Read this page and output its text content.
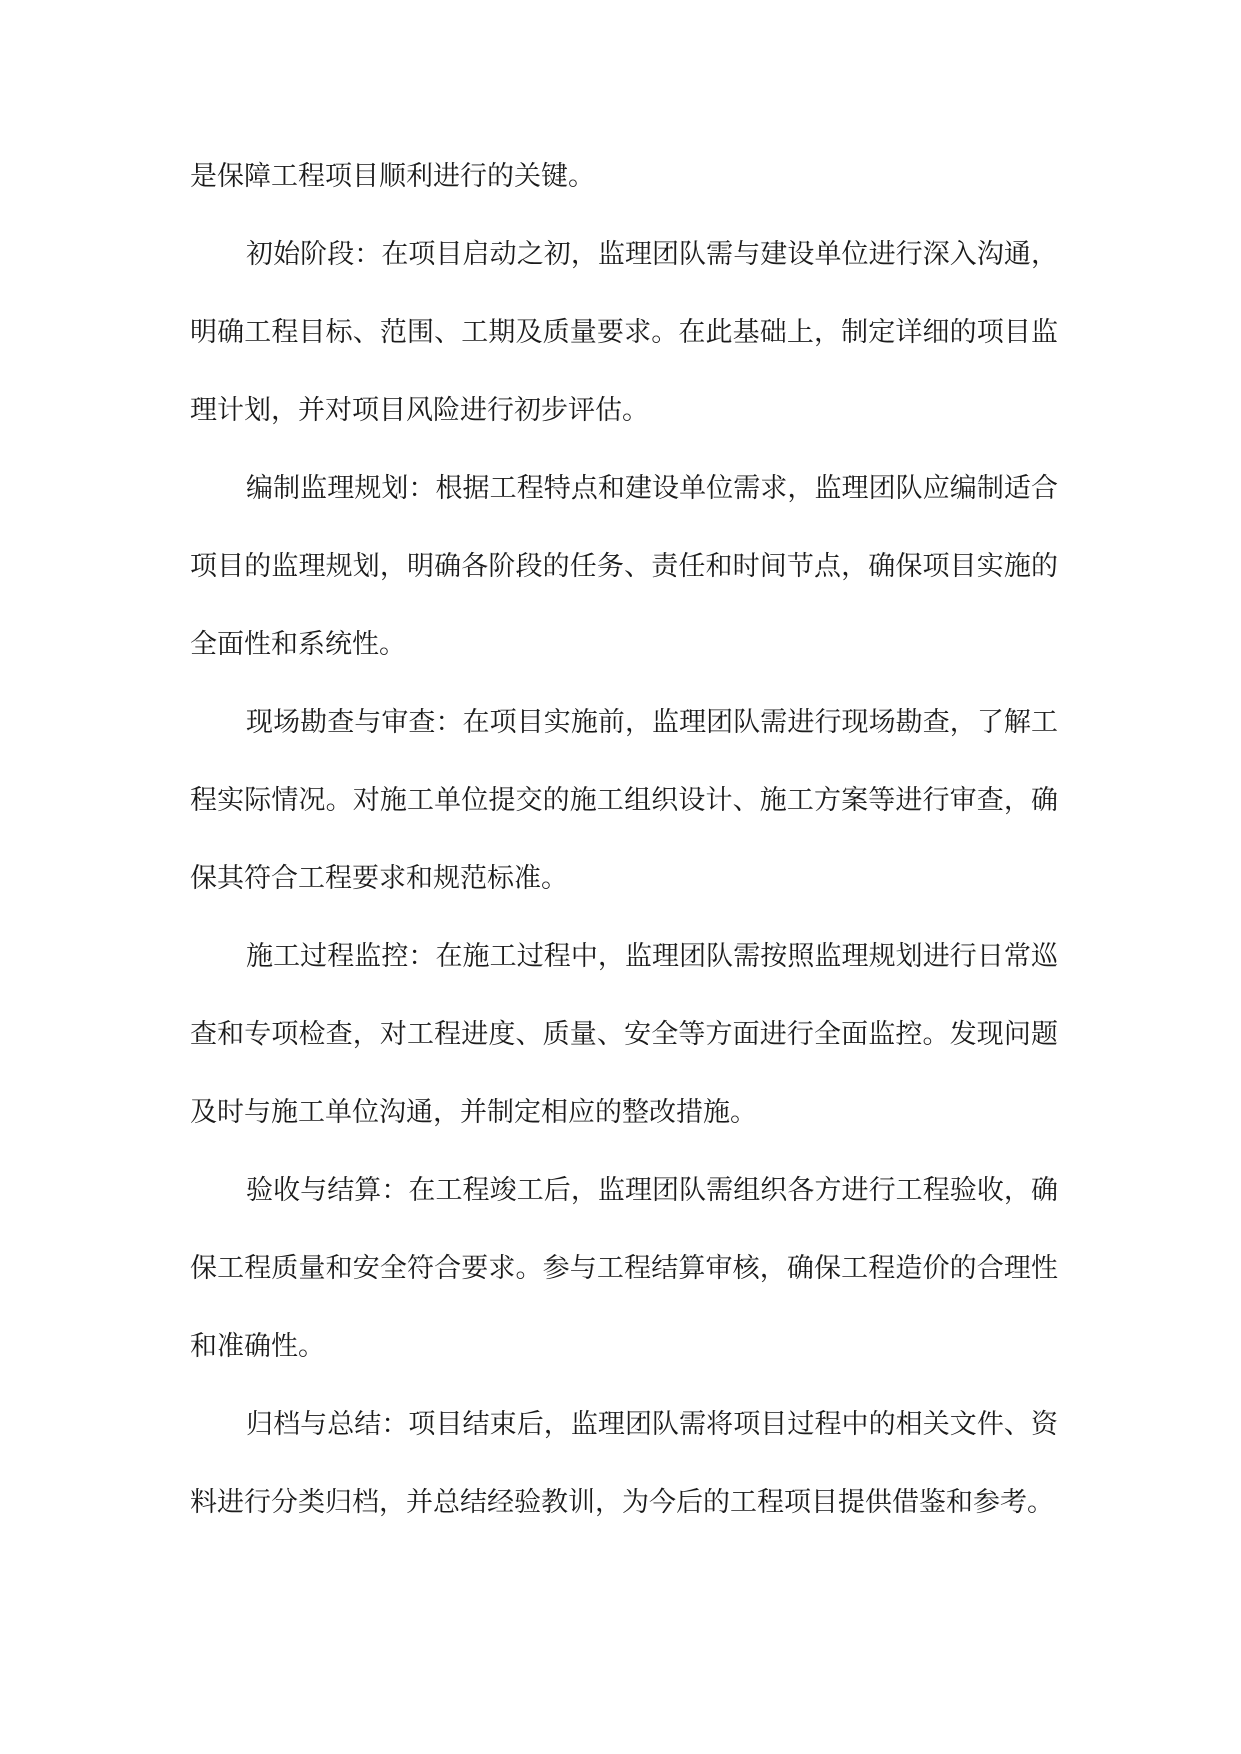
是保障工程项目顺利进行的关键。

初始阶段：在项目启动之初，监理团队需与建设单位进行深入沟通，明确工程目标、范围、工期及质量要求。在此基础上，制定详细的项目监理计划，并对项目风险进行初步评估。

编制监理规划：根据工程特点和建设单位需求，监理团队应编制适合项目的监理规划，明确各阶段的任务、责任和时间节点，确保项目实施的全面性和系统性。

现场勘查与审查：在项目实施前，监理团队需进行现场勘查，了解工程实际情况。对施工单位提交的施工组织设计、施工方案等进行审查，确保其符合工程要求和规范标准。

施工过程监控：在施工过程中，监理团队需按照监理规划进行日常巡查和专项检查，对工程进度、质量、安全等方面进行全面监控。发现问题及时与施工单位沟通，并制定相应的整改措施。

验收与结算：在工程竣工后，监理团队需组织各方进行工程验收，确保工程质量和安全符合要求。参与工程结算审核，确保工程造价的合理性和准确性。

归档与总结：项目结束后，监理团队需将项目过程中的相关文件、资料进行分类归档，并总结经验教训，为今后的工程项目提供借鉴和参考。
